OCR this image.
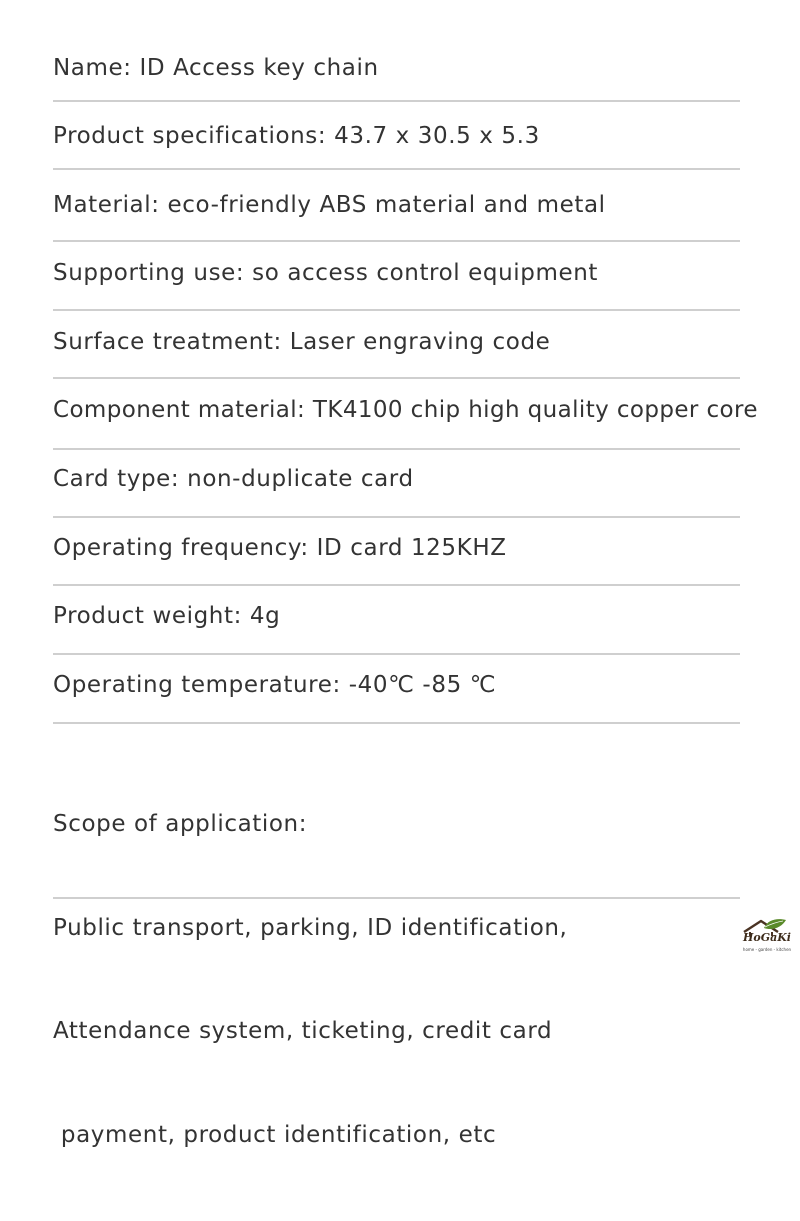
Name: ID Access key chain
Product specifications: 43.7 x 30.5 x 5.3
Material: eco-friendly ABS material and metal
Supporting use: so access control equipment
Surface treatment: Laser engraving code
Component material: TK4100 chip high quality copper core
Card type: non-duplicate card
Operating frequency: ID card 125KHZ
Product weight: 4g
Operating temperature: -40℃ -85 ℃

Scope of application:

Public transport, parking, ID identification,

Attendance system, ticketing, credit card

payment, product identification, etc

HoGaKi
home - garden - kitchen
